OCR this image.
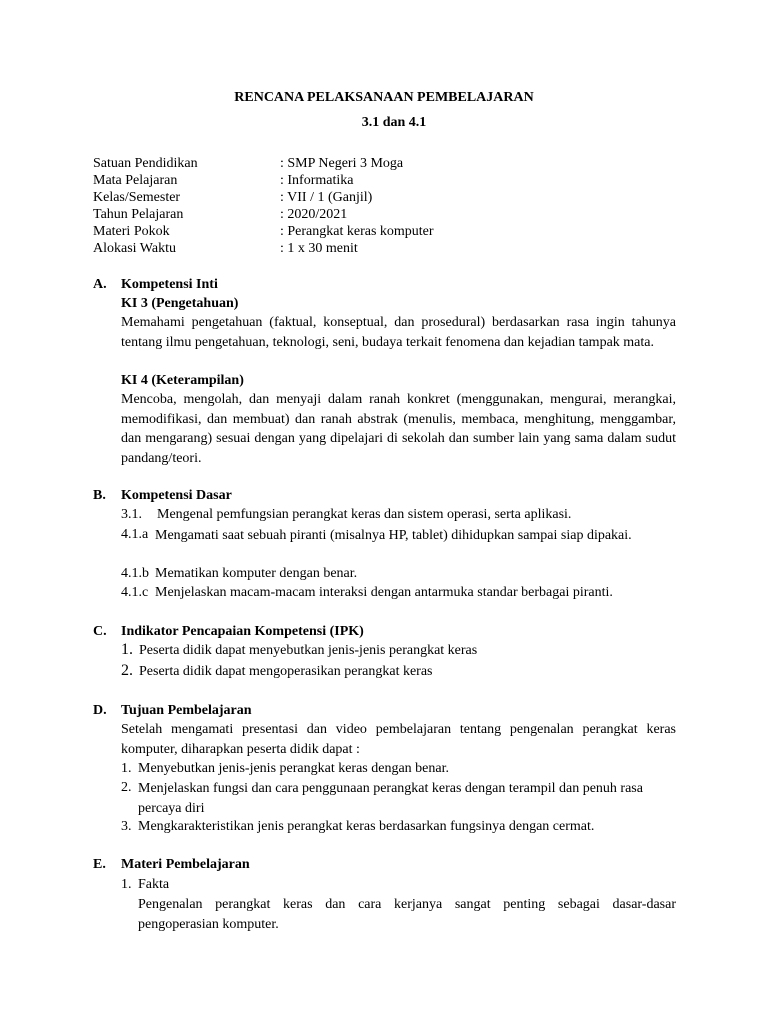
RENCANA PELAKSANAAN PEMBELAJARAN
3.1 dan 4.1
Satuan Pendidikan	: SMP Negeri 3 Moga
Mata Pelajaran	: Informatika
Kelas/Semester	: VII / 1 (Ganjil)
Tahun Pelajaran	: 2020/2021
Materi Pokok	: Perangkat keras komputer
Alokasi Waktu	: 1 x 30 menit
A. Kompetensi Inti
KI 3 (Pengetahuan)
Memahami pengetahuan (faktual, konseptual, dan prosedural) berdasarkan rasa ingin tahunya tentang ilmu pengetahuan, teknologi, seni, budaya terkait fenomena dan kejadian tampak mata.
KI 4 (Keterampilan)
Mencoba, mengolah, dan menyaji dalam ranah konkret (menggunakan, mengurai, merangkai, memodifikasi, dan membuat) dan ranah abstrak (menulis, membaca, menghitung, menggambar, dan mengarang) sesuai dengan yang dipelajari di sekolah dan sumber lain yang sama dalam sudut pandang/teori.
B. Kompetensi Dasar
3.1. Mengenal pemfungsian perangkat keras dan sistem operasi, serta aplikasi.
4.1.a Mengamati saat sebuah piranti (misalnya HP, tablet) dihidupkan sampai siap dipakai.
4.1.b Mematikan komputer dengan benar.
4.1.c Menjelaskan macam-macam interaksi dengan antarmuka standar berbagai piranti.
C. Indikator Pencapaian Kompetensi (IPK)
1. Peserta didik dapat menyebutkan jenis-jenis perangkat keras
2. Peserta didik dapat mengoperasikan perangkat keras
D. Tujuan Pembelajaran
Setelah mengamati presentasi dan video pembelajaran tentang pengenalan perangkat keras komputer, diharapkan peserta didik dapat :
1. Menyebutkan jenis-jenis perangkat keras dengan benar.
2. Menjelaskan fungsi dan cara penggunaan perangkat keras dengan terampil dan penuh rasa percaya diri
3. Mengkarakteristikan jenis perangkat keras berdasarkan fungsinya dengan cermat.
E. Materi Pembelajaran
1. Fakta
Pengenalan perangkat keras dan cara kerjanya sangat penting sebagai dasar-dasar pengoperasian komputer.
